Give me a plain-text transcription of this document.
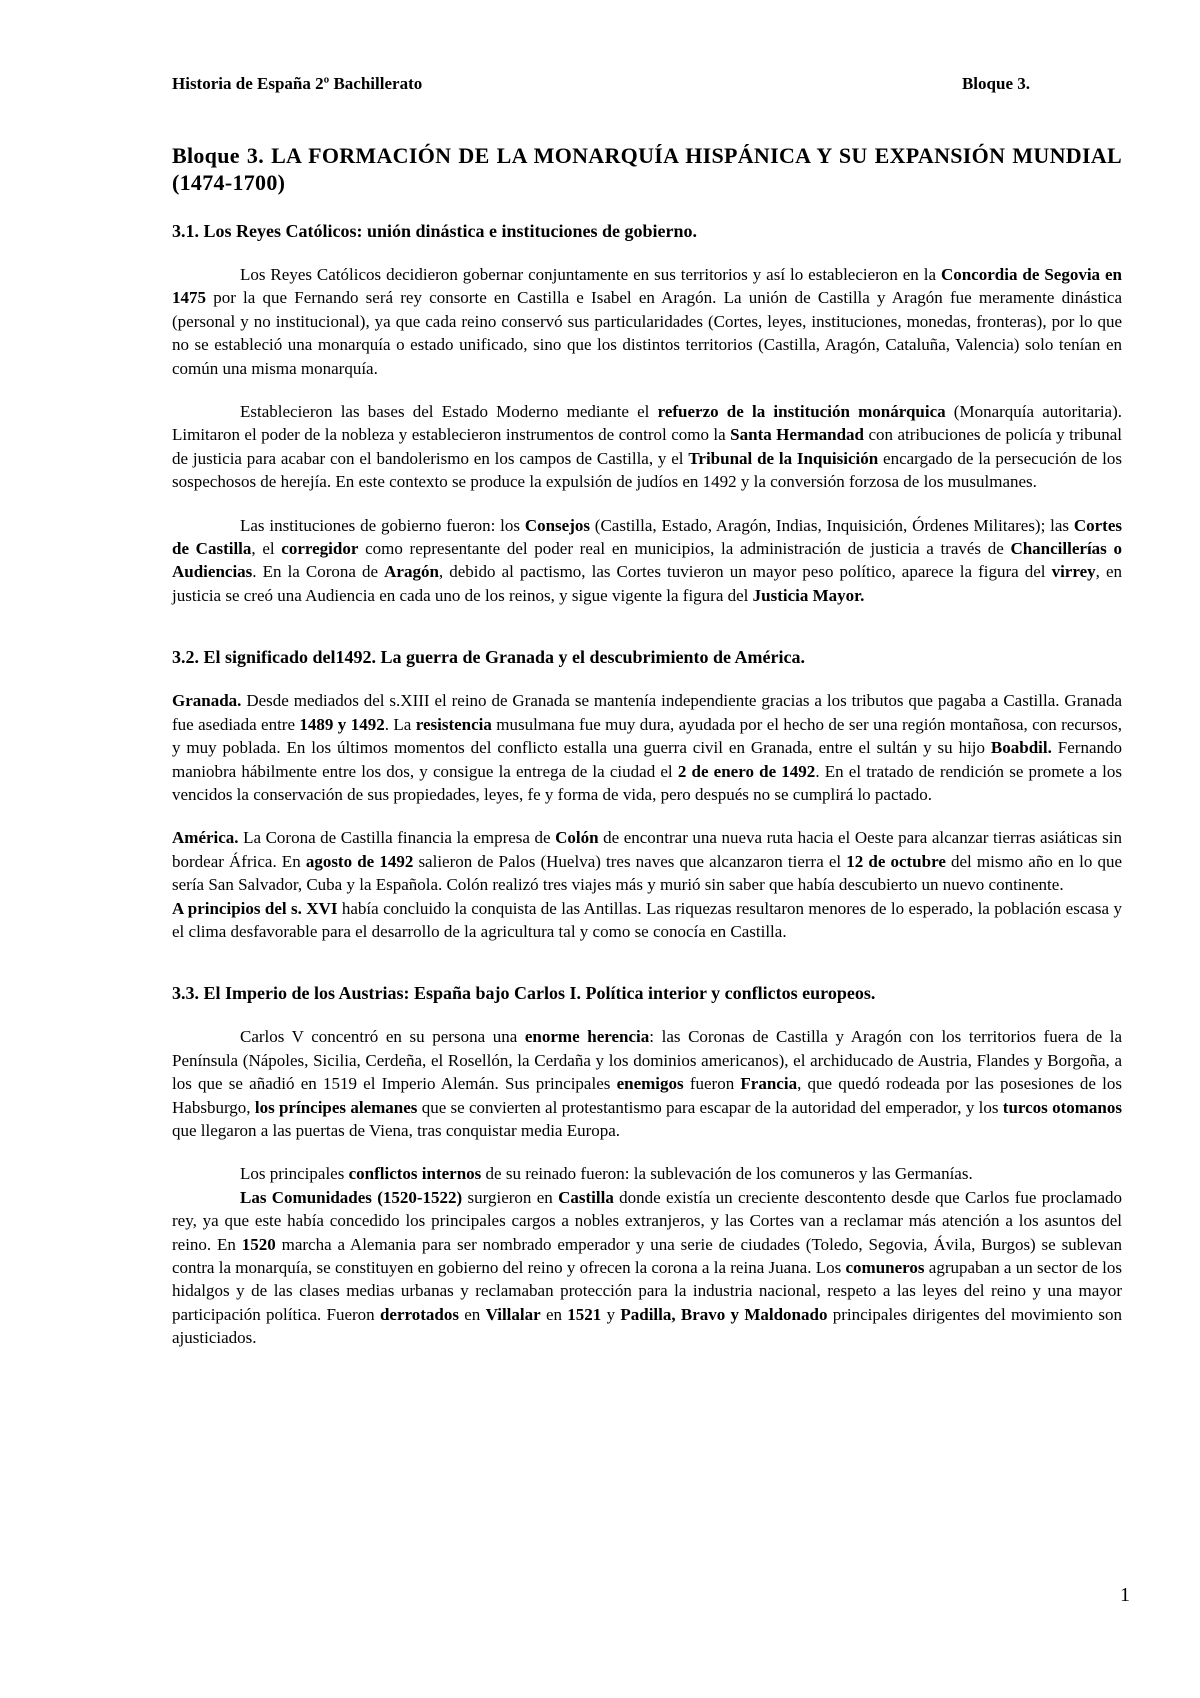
Historia de España 2º Bachillerato	Bloque 3.
Bloque 3. LA FORMACIÓN DE LA MONARQUÍA HISPÁNICA Y SU EXPANSIÓN MUNDIAL (1474-1700)
3.1. Los Reyes Católicos: unión dinástica e instituciones de gobierno.

Los Reyes Católicos decidieron gobernar conjuntamente en sus territorios y así lo establecieron en la Concordia de Segovia en 1475 por la que Fernando será rey consorte en Castilla e Isabel en Aragón. La unión de Castilla y Aragón fue meramente dinástica (personal y no institucional), ya que cada reino conservó sus particularidades (Cortes, leyes, instituciones, monedas, fronteras), por lo que no se estableció una monarquía o estado unificado, sino que los distintos territorios (Castilla, Aragón, Cataluña, Valencia) solo tenían en común una misma monarquía.

Establecieron las bases del Estado Moderno mediante el refuerzo de la institución monárquica (Monarquía autoritaria). Limitaron el poder de la nobleza y establecieron instrumentos de control como la Santa Hermandad con atribuciones de policía y tribunal de justicia para acabar con el bandolerismo en los campos de Castilla, y el Tribunal de la Inquisición encargado de la persecución de los sospechosos de herejía. En este contexto se produce la expulsión de judíos en 1492 y la conversión forzosa de los musulmanes.

Las instituciones de gobierno fueron: los Consejos (Castilla, Estado, Aragón, Indias, Inquisición, Órdenes Militares); las Cortes de Castilla, el corregidor como representante del poder real en municipios, la administración de justicia a través de Chancillerías o Audiencias. En la Corona de Aragón, debido al pactismo, las Cortes tuvieron un mayor peso político, aparece la figura del virrey, en justicia se creó una Audiencia en cada uno de los reinos, y sigue vigente la figura del Justicia Mayor.

3.2. El significado del1492. La guerra de Granada y el descubrimiento de América.

Granada. Desde mediados del s.XIII el reino de Granada se mantenía independiente gracias a los tributos que pagaba a Castilla. Granada fue asediada entre 1489 y 1492. La resistencia musulmana fue muy dura, ayudada por el hecho de ser una región montañosa, con recursos, y muy poblada. En los últimos momentos del conflicto estalla una guerra civil en Granada, entre el sultán y su hijo Boabdil. Fernando maniobra hábilmente entre los dos, y consigue la entrega de la ciudad el 2 de enero de 1492. En el tratado de rendición se promete a los vencidos la conservación de sus propiedades, leyes, fe y forma de vida, pero después no se cumplirá lo pactado.

América. La Corona de Castilla financia la empresa de Colón de encontrar una nueva ruta hacia el Oeste para alcanzar tierras asiáticas sin bordear África. En agosto de 1492 salieron de Palos (Huelva) tres naves que alcanzaron tierra el 12 de octubre del mismo año en lo que sería San Salvador, Cuba y la Española. Colón realizó tres viajes más y murió sin saber que había descubierto un nuevo continente.

A principios del s. XVI había concluido la conquista de las Antillas. Las riquezas resultaron menores de lo esperado, la población escasa y el clima desfavorable para el desarrollo de la agricultura tal y como se conocía en Castilla.

3.3. El Imperio de los Austrias: España bajo Carlos I. Política interior y conflictos europeos.

Carlos V concentró en su persona una enorme herencia: las Coronas de Castilla y Aragón con los territorios fuera de la Península (Nápoles, Sicilia, Cerdeña, el Rosellón, la Cerdaña y los dominios americanos), el archiducado de Austria, Flandes y Borgoña, a los que se añadió en 1519 el Imperio Alemán. Sus principales enemigos fueron Francia, que quedó rodeada por las posesiones de los Habsburgo, los príncipes alemanes que se convierten al protestantismo para escapar de la autoridad del emperador, y los turcos otomanos que llegaron a las puertas de Viena, tras conquistar media Europa.

Los principales conflictos internos de su reinado fueron: la sublevación de los comuneros y las Germanías.

Las Comunidades (1520-1522) surgieron en Castilla donde existía un creciente descontento desde que Carlos fue proclamado rey, ya que este había concedido los principales cargos a nobles extranjeros, y las Cortes van a reclamar más atención a los asuntos del reino. En 1520 marcha a Alemania para ser nombrado emperador y una serie de ciudades (Toledo, Segovia, Ávila, Burgos) se sublevan contra la monarquía, se constituyen en gobierno del reino y ofrecen la corona a la reina Juana. Los comuneros agrupaban a un sector de los hidalgos y de las clases medias urbanas y reclamaban protección para la industria nacional, respeto a las leyes del reino y una mayor participación política. Fueron derrotados en Villalar en 1521 y Padilla, Bravo y Maldonado principales dirigentes del movimiento son ajusticiados.

1
